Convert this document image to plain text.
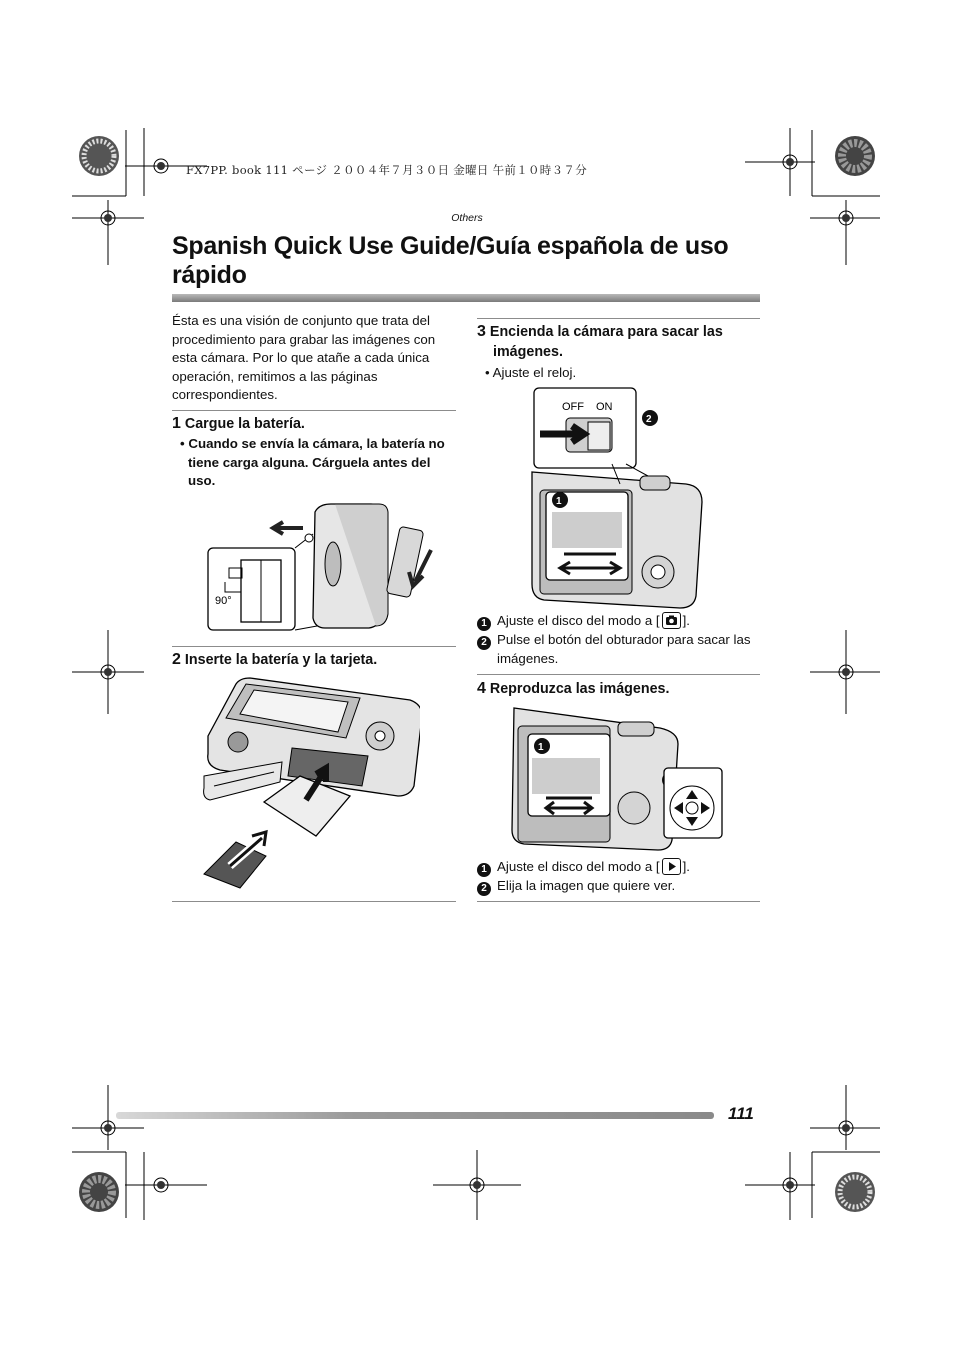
FX7PP. book 111 ページ ２００４年７月３０日 金曜日 午前１０時３７分
Others
Spanish Quick Use Guide/Guía española de uso rápido
Ésta es una visión de conjunto que trata del procedimiento para grabar las imágenes con esta cámara. Por lo que atañe a cada única operación, remitimos a las páginas correspondientes.
1 Cargue la batería.
• Cuando se envía la cámara, la batería no tiene carga alguna. Cárguela antes del uso.
90°
2 Inserte la batería y la tarjeta.
3 Encienda la cámara para sacar las imágenes.
• Ajuste el reloj.
OFF ON
2
1
1 Ajuste el disco del modo a [ ].
2 Pulse el botón del obturador para sacar las imágenes.
4 Reproduzca las imágenes.
1
1 Ajuste el disco del modo a [ ].
2 Elija la imagen que quiere ver.
111
